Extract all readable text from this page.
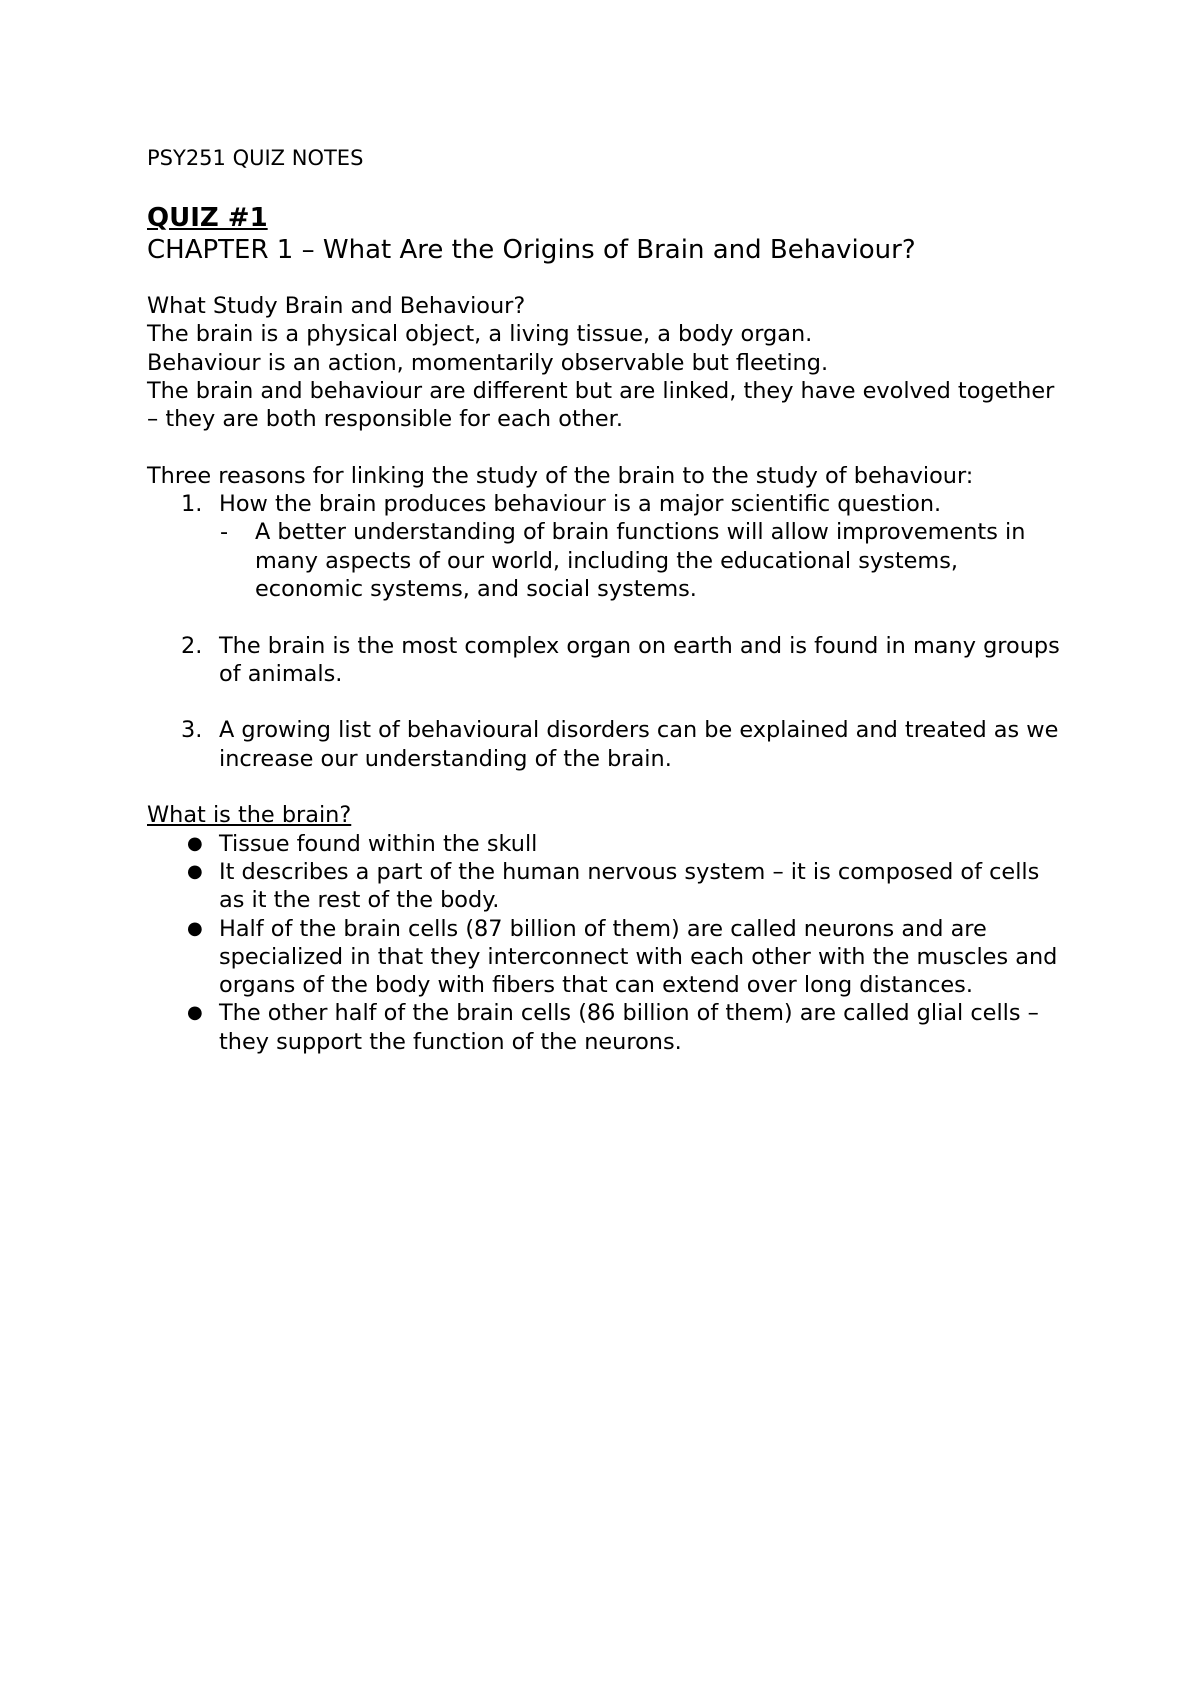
PSY251 QUIZ NOTES

QUIZ #1

CHAPTER 1 – What Are the Origins of Brain and Behaviour?

What Study Brain and Behaviour?

The brain is a physical object, a living tissue, a body organ.

Behaviour is an action, momentarily observable but fleeting.

The brain and behaviour are different but are linked, they have evolved together – they are both responsible for each other.

Three reasons for linking the study of the brain to the study of behaviour:

1. How the brain produces behaviour is a major scientific question.
- A better understanding of brain functions will allow improvements in many aspects of our world, including the educational systems, economic systems, and social systems.
2. The brain is the most complex organ on earth and is found in many groups of animals.
3. A growing list of behavioural disorders can be explained and treated as we increase our understanding of the brain.

What is the brain?

● Tissue found within the skull
● It describes a part of the human nervous system – it is composed of cells as it the rest of the body.
● Half of the brain cells (87 billion of them) are called neurons and are specialized in that they interconnect with each other with the muscles and organs of the body with fibers that can extend over long distances.
● The other half of the brain cells (86 billion of them) are called glial cells – they support the function of the neurons.
